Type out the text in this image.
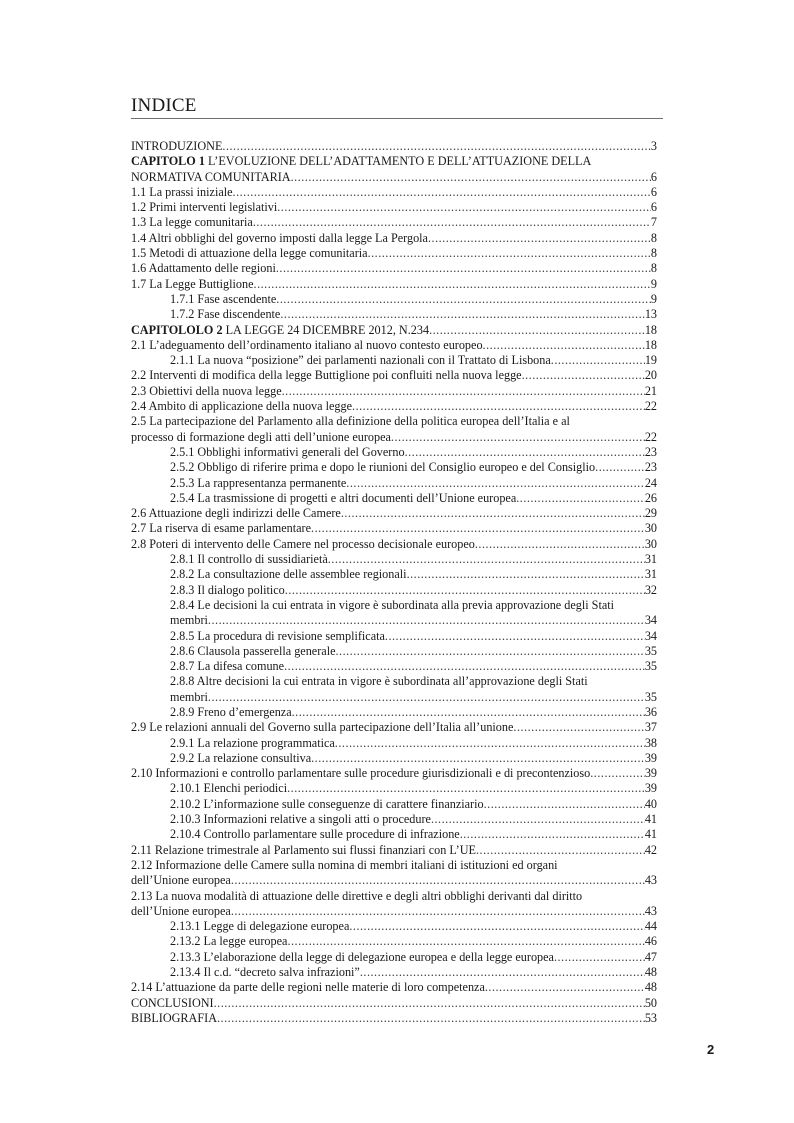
INDICE
INTRODUZIONE .....	3
CAPITOLO 1 L’EVOLUZIONE DELL’ADATTAMENTO E DELL’ATTUAZIONE DELLA
NORMATIVA COMUNITARIA .....	6
1.1 La prassi iniziale .....	6
1.2 Primi interventi legislativi .....	6
1.3 La legge comunitaria .....	7
1.4 Altri obblighi del governo imposti dalla legge La Pergola .....	8
1.5 Metodi di attuazione della legge comunitaria .....	8
1.6 Adattamento delle regioni .....	8
1.7 La Legge Buttiglione .....	9
1.7.1 Fase ascendente .....	9
1.7.2 Fase discendente .....	13
CAPITOLOLO 2 LA LEGGE 24 DICEMBRE 2012, N.234 .....	18
2.1 L’adeguamento dell’ordinamento italiano al nuovo contesto europeo .....	18
2.1.1 La nuova “posizione” dei parlamenti nazionali con il Trattato di Lisbona .....	19
2.2 Interventi di modifica della legge Buttiglione poi confluiti nella nuova legge .....	20
2.3 Obiettivi della nuova legge .....	21
2.4 Ambito di applicazione della nuova legge .....	22
2.5 La partecipazione del Parlamento alla definizione della politica europea dell’Italia e al
processo di formazione degli atti dell’unione europea .....	22
2.5.1 Obblighi informativi generali del Governo .....	23
2.5.2 Obbligo di riferire prima e dopo le riunioni del Consiglio europeo e del Consiglio .....	23
2.5.3 La rappresentanza permanente .....	24
2.5.4 La trasmissione di progetti e altri documenti dell’Unione europea .....	26
2.6 Attuazione degli indirizzi delle Camere .....	29
2.7 La riserva di esame parlamentare .....	30
2.8 Poteri di intervento delle Camere nel processo decisionale europeo .....	30
2.8.1 Il controllo di sussidiarietà .....	31
2.8.2 La consultazione delle assemblee regionali .....	31
2.8.3 Il dialogo politico .....	32
2.8.4 Le decisioni la cui entrata in vigore è subordinata alla previa approvazione degli Stati
membri .....	34
2.8.5 La procedura di revisione semplificata .....	34
2.8.6 Clausola passerella generale .....	35
2.8.7 La difesa comune .....	35
2.8.8 Altre decisioni la cui entrata in vigore è subordinata all’approvazione degli Stati
membri .....	35
2.8.9 Freno d’emergenza .....	36
2.9 Le relazioni annuali del Governo sulla partecipazione dell’Italia all’unione .....	37
2.9.1 La relazione programmatica .....	38
2.9.2 La relazione consultiva .....	39
2.10 Informazioni e controllo parlamentare sulle procedure giurisdizionali e di precontenzioso .....	39
2.10.1 Elenchi periodici .....	39
2.10.2 L’informazione sulle conseguenze di carattere finanziario .....	40
2.10.3 Informazioni relative a singoli atti o procedure .....	41
2.10.4 Controllo parlamentare sulle procedure di infrazione .....	41
2.11 Relazione trimestrale al Parlamento sui flussi finanziari con L’UE .....	42
2.12 Informazione delle Camere sulla nomina di membri italiani di istituzioni ed organi
dell’Unione europea .....	43
2.13 La nuova modalità di attuazione delle direttive e degli altri obblighi derivanti dal diritto
dell’Unione europea .....	43
2.13.1 Legge di delegazione europea .....	44
2.13.2 La legge europea .....	46
2.13.3 L’elaborazione della legge di delegazione europea e della legge europea .....	47
2.13.4 Il c.d. “decreto salva infrazioni” .....	48
2.14 L’attuazione da parte delle regioni nelle materie di loro competenza .....	48
CONCLUSIONI .....	50
BIBLIOGRAFIA .....	53
2
